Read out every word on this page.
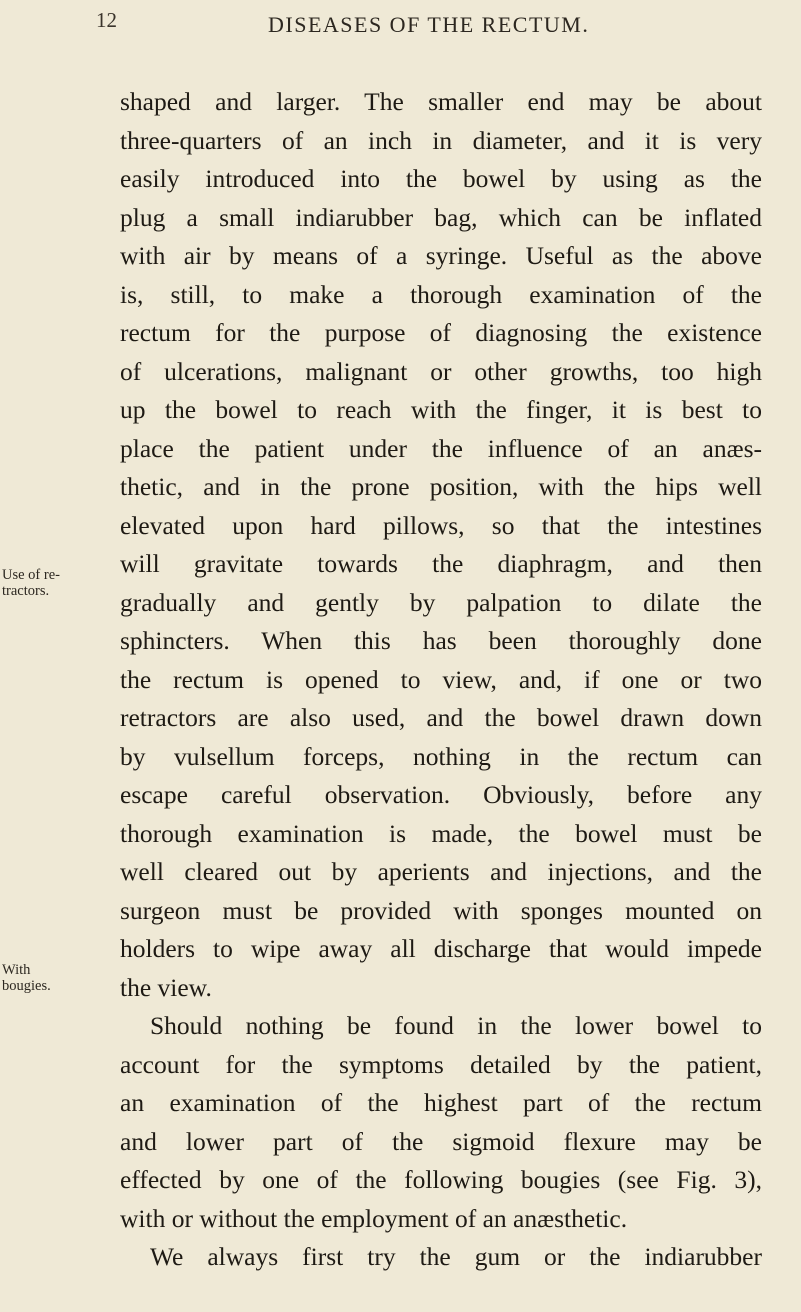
12	DISEASES OF THE RECTUM.
Use of re-
tractors.
With
bougies.
shaped and larger. The smaller end may be about
three-quarters of an inch in diameter, and it is very
easily introduced into the bowel by using as the
plug a small indiarubber bag, which can be inflated
with air by means of a syringe. Useful as the above
is, still, to make a thorough examination of the
rectum for the purpose of diagnosing the existence
of ulcerations, malignant or other growths, too high
up the bowel to reach with the finger, it is best to
place the patient under the influence of an anæs-
thetic, and in the prone position, with the hips well
elevated upon hard pillows, so that the intestines
will gravitate towards the diaphragm, and then
gradually and gently by palpation to dilate the
sphincters. When this has been thoroughly done
the rectum is opened to view, and, if one or two
retractors are also used, and the bowel drawn down
by vulsellum forceps, nothing in the rectum can
escape careful observation. Obviously, before any
thorough examination is made, the bowel must be
well cleared out by aperients and injections, and the
surgeon must be provided with sponges mounted on
holders to wipe away all discharge that would impede
the view.
Should nothing be found in the lower bowel to
account for the symptoms detailed by the patient,
an examination of the highest part of the rectum
and lower part of the sigmoid flexure may be
effected by one of the following bougies (see Fig. 3),
with or without the employment of an anæsthetic.
We always first try the gum or the indiarubber
